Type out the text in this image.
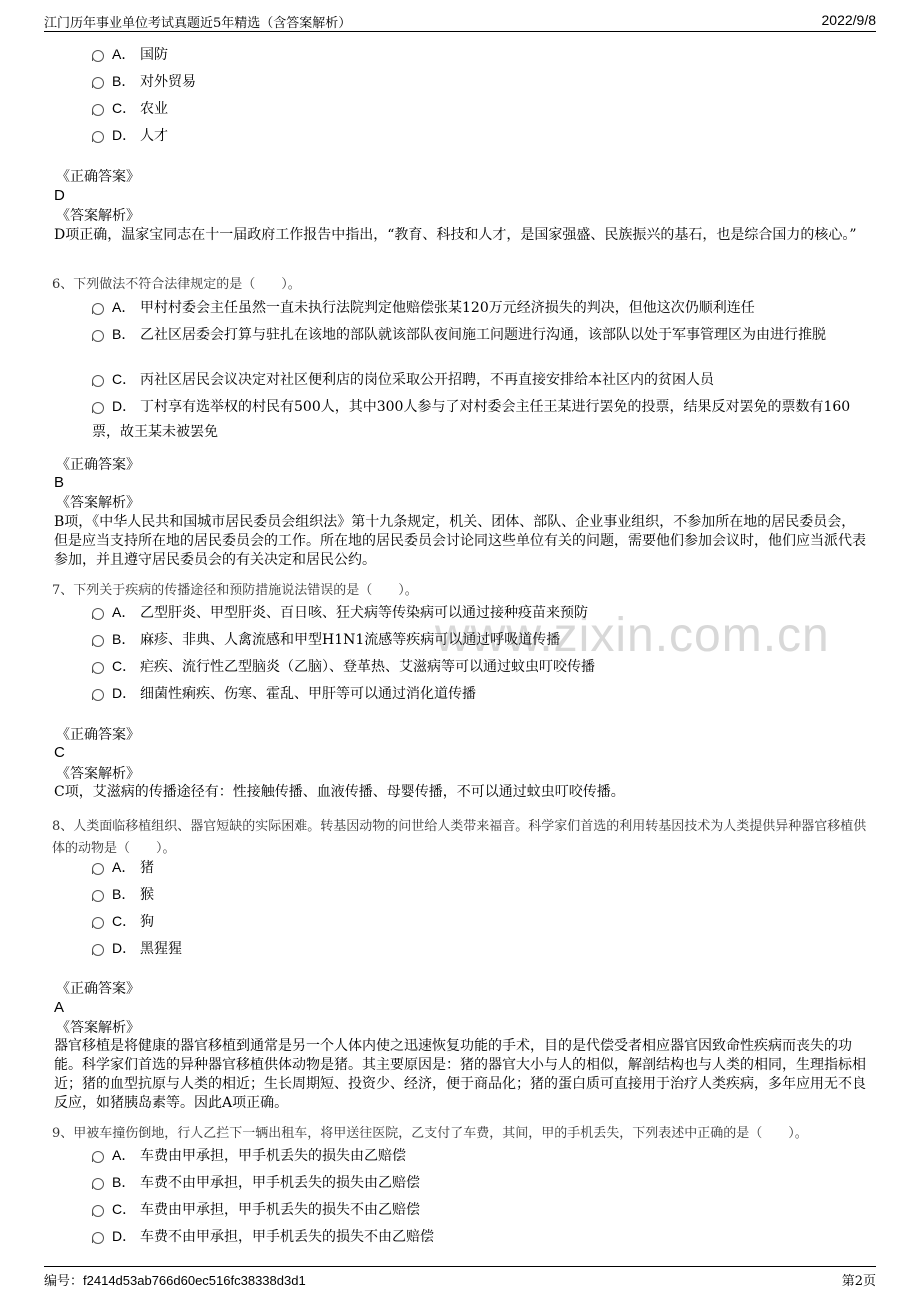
江门历年事业单位考试真题近5年精选（含答案解析）	2022/9/8
www.zixin.com.cn
A． 国防
B． 对外贸易
C． 农业
D． 人才
《正确答案》
D
《答案解析》
D项正确，温家宝同志在十一届政府工作报告中指出，“教育、科技和人才，是国家强盛、民族振兴的基石，也是综合国力的核心。”
6、下列做法不符合法律规定的是（　　）。
A． 甲村村委会主任虽然一直未执行法院判定他赔偿张某120万元经济损失的判决，但他这次仍顺利连任
B． 乙社区居委会打算与驻扎在该地的部队就该部队夜间施工问题进行沟通，该部队以处于军事管理区为由进行推脱
C． 丙社区居民会议决定对社区便利店的岗位采取公开招聘，不再直接安排给本社区内的贫困人员
D． 丁村享有选举权的村民有500人，其中300人参与了对村委会主任王某进行罢免的投票，结果反对罢免的票数有160票，故王某未被罢免
《正确答案》
B
《答案解析》
B项，《中华人民共和国城市居民委员会组织法》第十九条规定，机关、团体、部队、企业事业组织，不参加所在地的居民委员会，但是应当支持所在地的居民委员会的工作。所在地的居民委员会讨论同这些单位有关的问题，需要他们参加会议时，他们应当派代表参加，并且遵守居民委员会的有关决定和居民公约。
7、下列关于疾病的传播途径和预防措施说法错误的是（　　）。
A． 乙型肝炎、甲型肝炎、百日咳、狂犬病等传染病可以通过接种疫苗来预防
B． 麻疹、非典、人禽流感和甲型H1N1流感等疾病可以通过呼吸道传播
C． 疟疾、流行性乙型脑炎（乙脑）、登革热、艾滋病等可以通过蚊虫叮咬传播
D． 细菌性痢疾、伤寒、霍乱、甲肝等可以通过消化道传播
《正确答案》
C
《答案解析》
C项，艾滋病的传播途径有：性接触传播、血液传播、母婴传播，不可以通过蚊虫叮咬传播。
8、人类面临移植组织、器官短缺的实际困难。转基因动物的问世给人类带来福音。科学家们首选的利用转基因技术为人类提供异种器官移植供体的动物是（　　）。
A． 猪
B． 猴
C． 狗
D． 黑猩猩
《正确答案》
A
《答案解析》
器官移植是将健康的器官移植到通常是另一个人体内使之迅速恢复功能的手术，目的是代偿受者相应器官因致命性疾病而丧失的功能。科学家们首选的异种器官移植供体动物是猪。其主要原因是：猪的器官大小与人的相似，解剖结构也与人类的相同，生理指标相近；猪的血型抗原与人类的相近；生长周期短、投资少、经济，便于商品化；猪的蛋白质可直接用于治疗人类疾病，多年应用无不良反应，如猪胰岛素等。因此A项正确。
9、甲被车撞伤倒地，行人乙拦下一辆出租车，将甲送往医院，乙支付了车费，其间，甲的手机丢失，下列表述中正确的是（　　）。
A． 车费由甲承担，甲手机丢失的损失由乙赔偿
B． 车费不由甲承担，甲手机丢失的损失由乙赔偿
C． 车费由甲承担，甲手机丢失的损失不由乙赔偿
D． 车费不由甲承担，甲手机丢失的损失不由乙赔偿
编号：f2414d53ab766d60ec516fc38338d3d1	第2页
